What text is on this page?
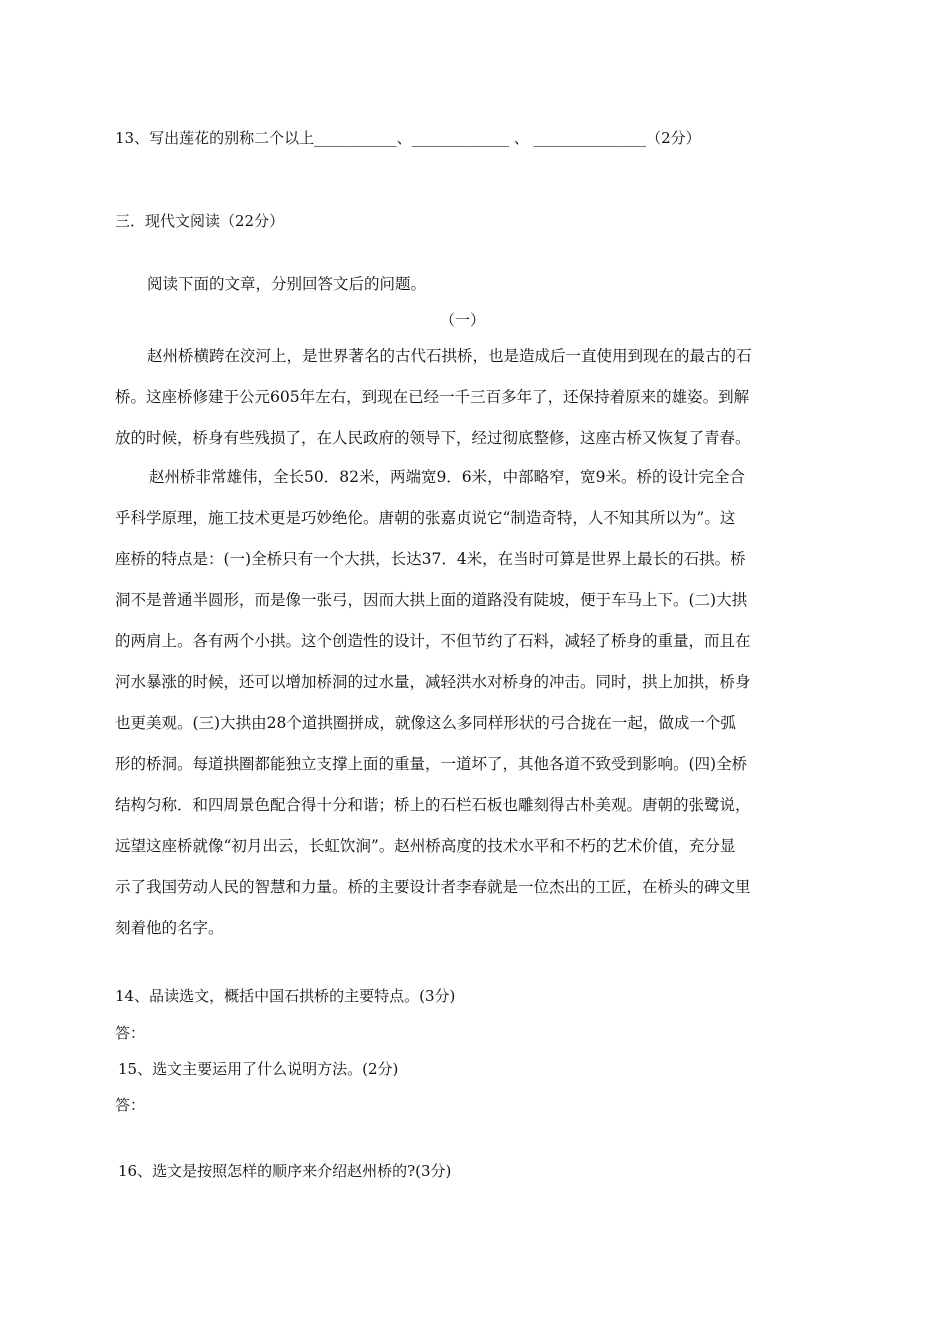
13、写出莲花的别称二个以上___________、_____________ 、 _______________（2分）
三．现代文阅读（22分）
阅读下面的文章，分别回答文后的问题。
（一）
赵州桥横跨在洨河上，是世界著名的古代石拱桥，也是造成后一直使用到现在的最古的石
桥。这座桥修建于公元605年左右，到现在已经一千三百多年了，还保持着原来的雄姿。到解
放的时候，桥身有些残损了，在人民政府的领导下，经过彻底整修，这座古桥又恢复了青春。
赵州桥非常雄伟，全长50．82米，两端宽9．6米，中部略窄，宽9米。桥的设计完全合
乎科学原理，施工技术更是巧妙绝伦。唐朝的张嘉贞说它“制造奇特，人不知其所以为”。这
座桥的特点是：(一)全桥只有一个大拱，长达37．4米，在当时可算是世界上最长的石拱。桥
洞不是普通半圆形，而是像一张弓，因而大拱上面的道路没有陡坡，便于车马上下。(二)大拱
的两肩上。各有两个小拱。这个创造性的设计，不但节约了石料，减轻了桥身的重量，而且在
河水暴涨的时候，还可以增加桥洞的过水量，减轻洪水对桥身的冲击。同时，拱上加拱，桥身
也更美观。(三)大拱由28个道拱圈拼成，就像这么多同样形状的弓合拢在一起，做成一个弧
形的桥洞。每道拱圈都能独立支撑上面的重量，一道坏了，其他各道不致受到影响。(四)全桥
结构匀称．和四周景色配合得十分和谐；桥上的石栏石板也雕刻得古朴美观。唐朝的张鹭说，
远望这座桥就像“初月出云，长虹饮涧”。赵州桥高度的技术水平和不朽的艺术价值，充分显
示了我国劳动人民的智慧和力量。桥的主要设计者李春就是一位杰出的工匠，在桥头的碑文里
刻着他的名字。
14、品读选文，概括中国石拱桥的主要特点。(3分)
答：
15、选文主要运用了什么说明方法。(2分)
答：
16、选文是按照怎样的顺序来介绍赵州桥的?(3分)
